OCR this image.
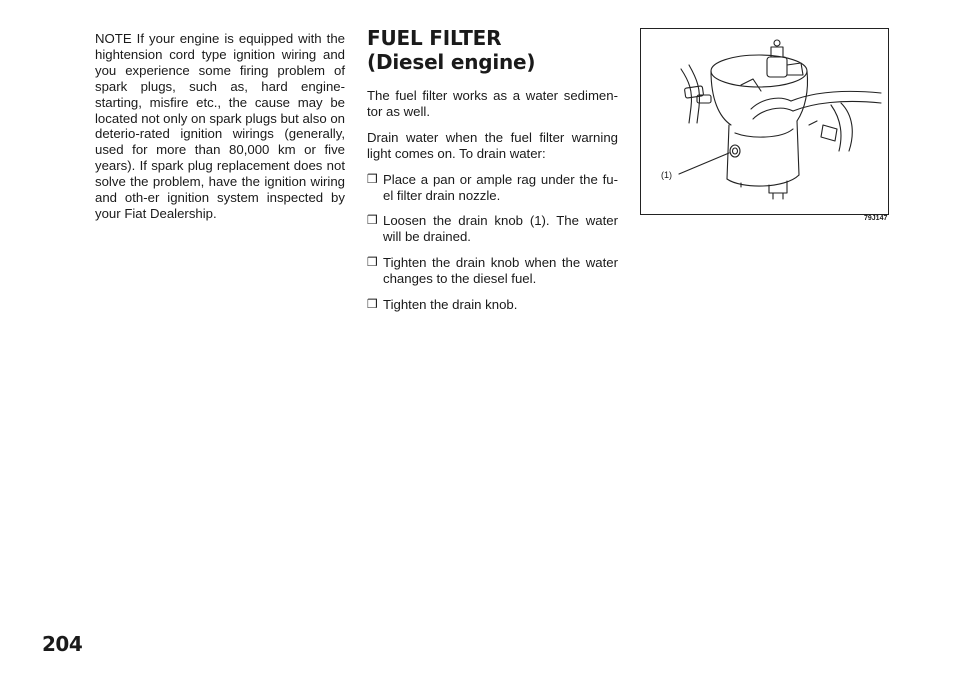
NOTE If your engine is equipped with the hightension cord type ignition wiring and you experience some firing problem of spark plugs, such as, hard engine- starting, misfire etc., the cause may be located not only on spark plugs but also on deterio-rated ignition wirings (generally, used for more than 80,000 km or five years). If spark plug replacement does not solve the problem, have the ignition wiring and oth-er ignition system inspected by your Fiat Dealership.

FUEL FILTER
(Diesel engine)

The fuel filter works as a water sedimen-tor as well.

Drain water when the fuel filter warning light comes on. To drain water:

❒ Place a pan or ample rag under the fu-el filter drain nozzle.
❒ Loosen the drain knob (1). The water will be drained.
❒ Tighten the drain knob when the water changes to the diesel fuel.
❒ Tighten the drain knob.
(1)
79J147
204
